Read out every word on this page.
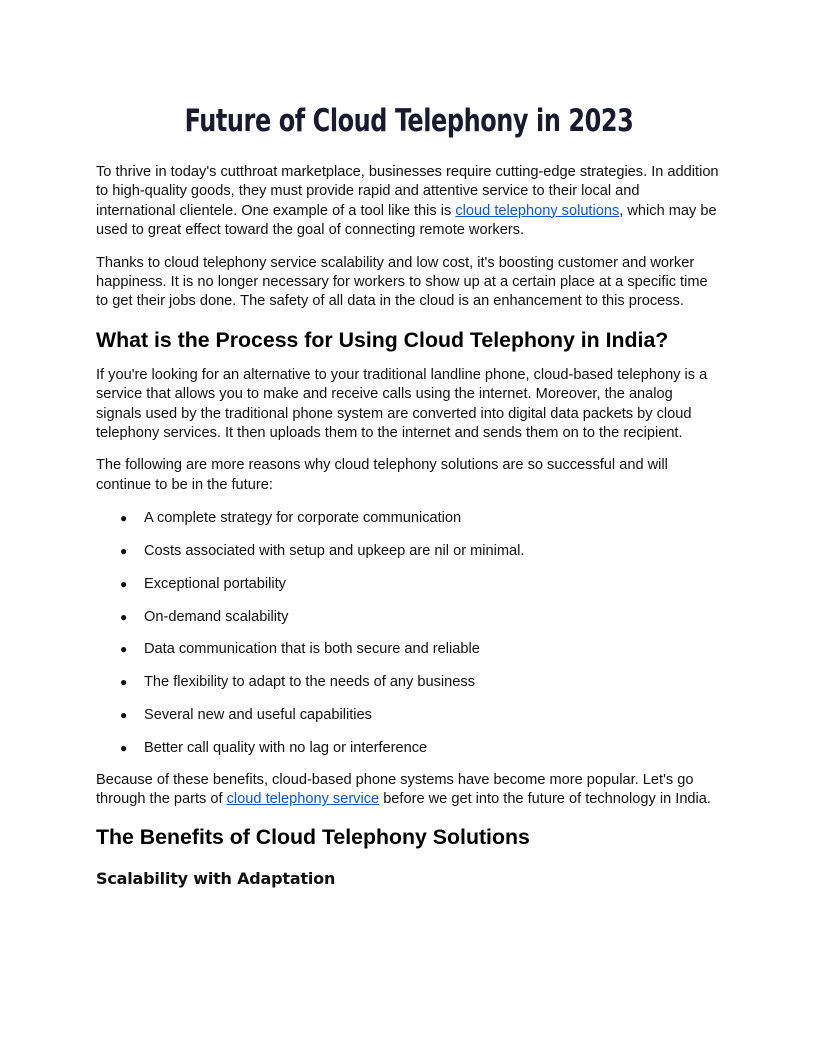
Future of Cloud Telephony in 2023

To thrive in today's cutthroat marketplace, businesses require cutting-edge strategies. In addition to high-quality goods, they must provide rapid and attentive service to their local and international clientele. One example of a tool like this is cloud telephony solutions, which may be used to great effect toward the goal of connecting remote workers.

Thanks to cloud telephony service scalability and low cost, it's boosting customer and worker happiness. It is no longer necessary for workers to show up at a certain place at a specific time to get their jobs done. The safety of all data in the cloud is an enhancement to this process.

What is the Process for Using Cloud Telephony in India?

If you're looking for an alternative to your traditional landline phone, cloud-based telephony is a service that allows you to make and receive calls using the internet. Moreover, the analog signals used by the traditional phone system are converted into digital data packets by cloud telephony services. It then uploads them to the internet and sends them on to the recipient.

The following are more reasons why cloud telephony solutions are so successful and will continue to be in the future:

● A complete strategy for corporate communication
● Costs associated with setup and upkeep are nil or minimal.
● Exceptional portability
● On-demand scalability
● Data communication that is both secure and reliable
● The flexibility to adapt to the needs of any business
● Several new and useful capabilities
● Better call quality with no lag or interference

Because of these benefits, cloud-based phone systems have become more popular. Let's go through the parts of cloud telephony service before we get into the future of technology in India.

The Benefits of Cloud Telephony Solutions
Scalability with Adaptation
